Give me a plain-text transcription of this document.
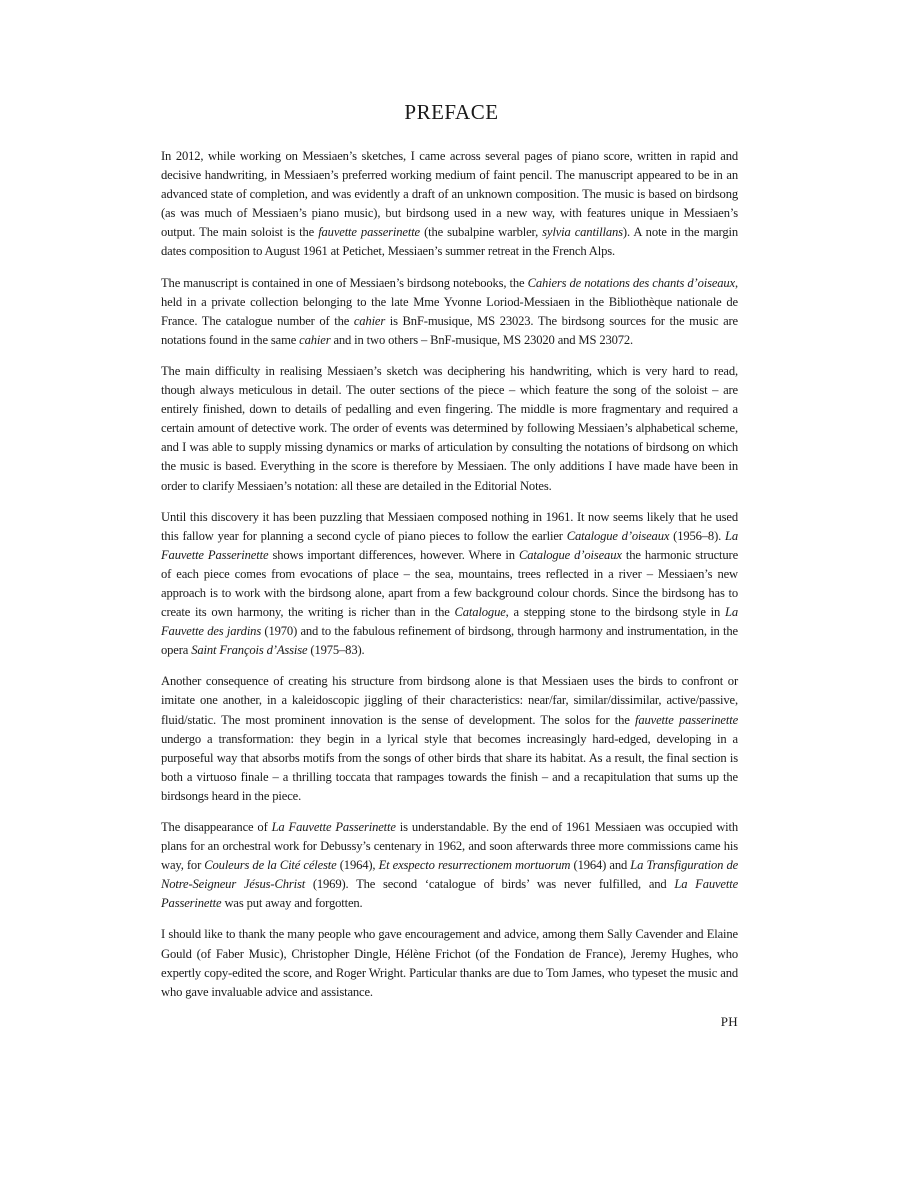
PREFACE

In 2012, while working on Messiaen’s sketches, I came across several pages of piano score, written in rapid and decisive handwriting, in Messiaen’s preferred working medium of faint pencil. The manuscript appeared to be in an advanced state of completion, and was evidently a draft of an unknown composition. The music is based on birdsong (as was much of Messiaen’s piano music), but birdsong used in a new way, with features unique in Messiaen’s output. The main soloist is the fauvette passerinette (the subalpine warbler, sylvia cantillans). A note in the margin dates composition to August 1961 at Petichet, Messiaen’s summer retreat in the French Alps.

The manuscript is contained in one of Messiaen’s birdsong notebooks, the Cahiers de notations des chants d’oiseaux, held in a private collection belonging to the late Mme Yvonne Loriod-Messiaen in the Bibliothèque nationale de France. The catalogue number of the cahier is BnF-musique, MS 23023. The birdsong sources for the music are notations found in the same cahier and in two others – BnF-musique, MS 23020 and MS 23072.

The main difficulty in realising Messiaen’s sketch was deciphering his handwriting, which is very hard to read, though always meticulous in detail. The outer sections of the piece – which feature the song of the soloist – are entirely finished, down to details of pedalling and even fingering. The middle is more fragmentary and required a certain amount of detective work. The order of events was determined by following Messiaen’s alphabetical scheme, and I was able to supply missing dynamics or marks of articulation by consulting the notations of birdsong on which the music is based. Everything in the score is therefore by Messiaen. The only additions I have made have been in order to clarify Messiaen’s notation: all these are detailed in the Editorial Notes.

Until this discovery it has been puzzling that Messiaen composed nothing in 1961. It now seems likely that he used this fallow year for planning a second cycle of piano pieces to follow the earlier Catalogue d’oiseaux (1956–8). La Fauvette Passerinette shows important differences, however. Where in Catalogue d’oiseaux the harmonic structure of each piece comes from evocations of place – the sea, mountains, trees reflected in a river – Messiaen’s new approach is to work with the birdsong alone, apart from a few background colour chords. Since the birdsong has to create its own harmony, the writing is richer than in the Catalogue, a stepping stone to the birdsong style in La Fauvette des jardins (1970) and to the fabulous refinement of birdsong, through harmony and instrumentation, in the opera Saint François d’Assise (1975–83).

Another consequence of creating his structure from birdsong alone is that Messiaen uses the birds to confront or imitate one another, in a kaleidoscopic jiggling of their characteristics: near/far, similar/dissimilar, active/passive, fluid/static. The most prominent innovation is the sense of development. The solos for the fauvette passerinette undergo a transformation: they begin in a lyrical style that becomes increasingly hard-edged, developing in a purposeful way that absorbs motifs from the songs of other birds that share its habitat. As a result, the final section is both a virtuoso finale – a thrilling toccata that rampages towards the finish – and a recapitulation that sums up the birdsongs heard in the piece.

The disappearance of La Fauvette Passerinette is understandable. By the end of 1961 Messiaen was occupied with plans for an orchestral work for Debussy’s centenary in 1962, and soon afterwards three more commissions came his way, for Couleurs de la Cité céleste (1964), Et exspecto resurrectionem mortuorum (1964) and La Transfiguration de Notre-Seigneur Jésus-Christ (1969). The second ‘catalogue of birds’ was never fulfilled, and La Fauvette Passerinette was put away and forgotten.

I should like to thank the many people who gave encouragement and advice, among them Sally Cavender and Elaine Gould (of Faber Music), Christopher Dingle, Hélène Frichot (of the Fondation de France), Jeremy Hughes, who expertly copy-edited the score, and Roger Wright. Particular thanks are due to Tom James, who typeset the music and who gave invaluable advice and assistance.

PH
